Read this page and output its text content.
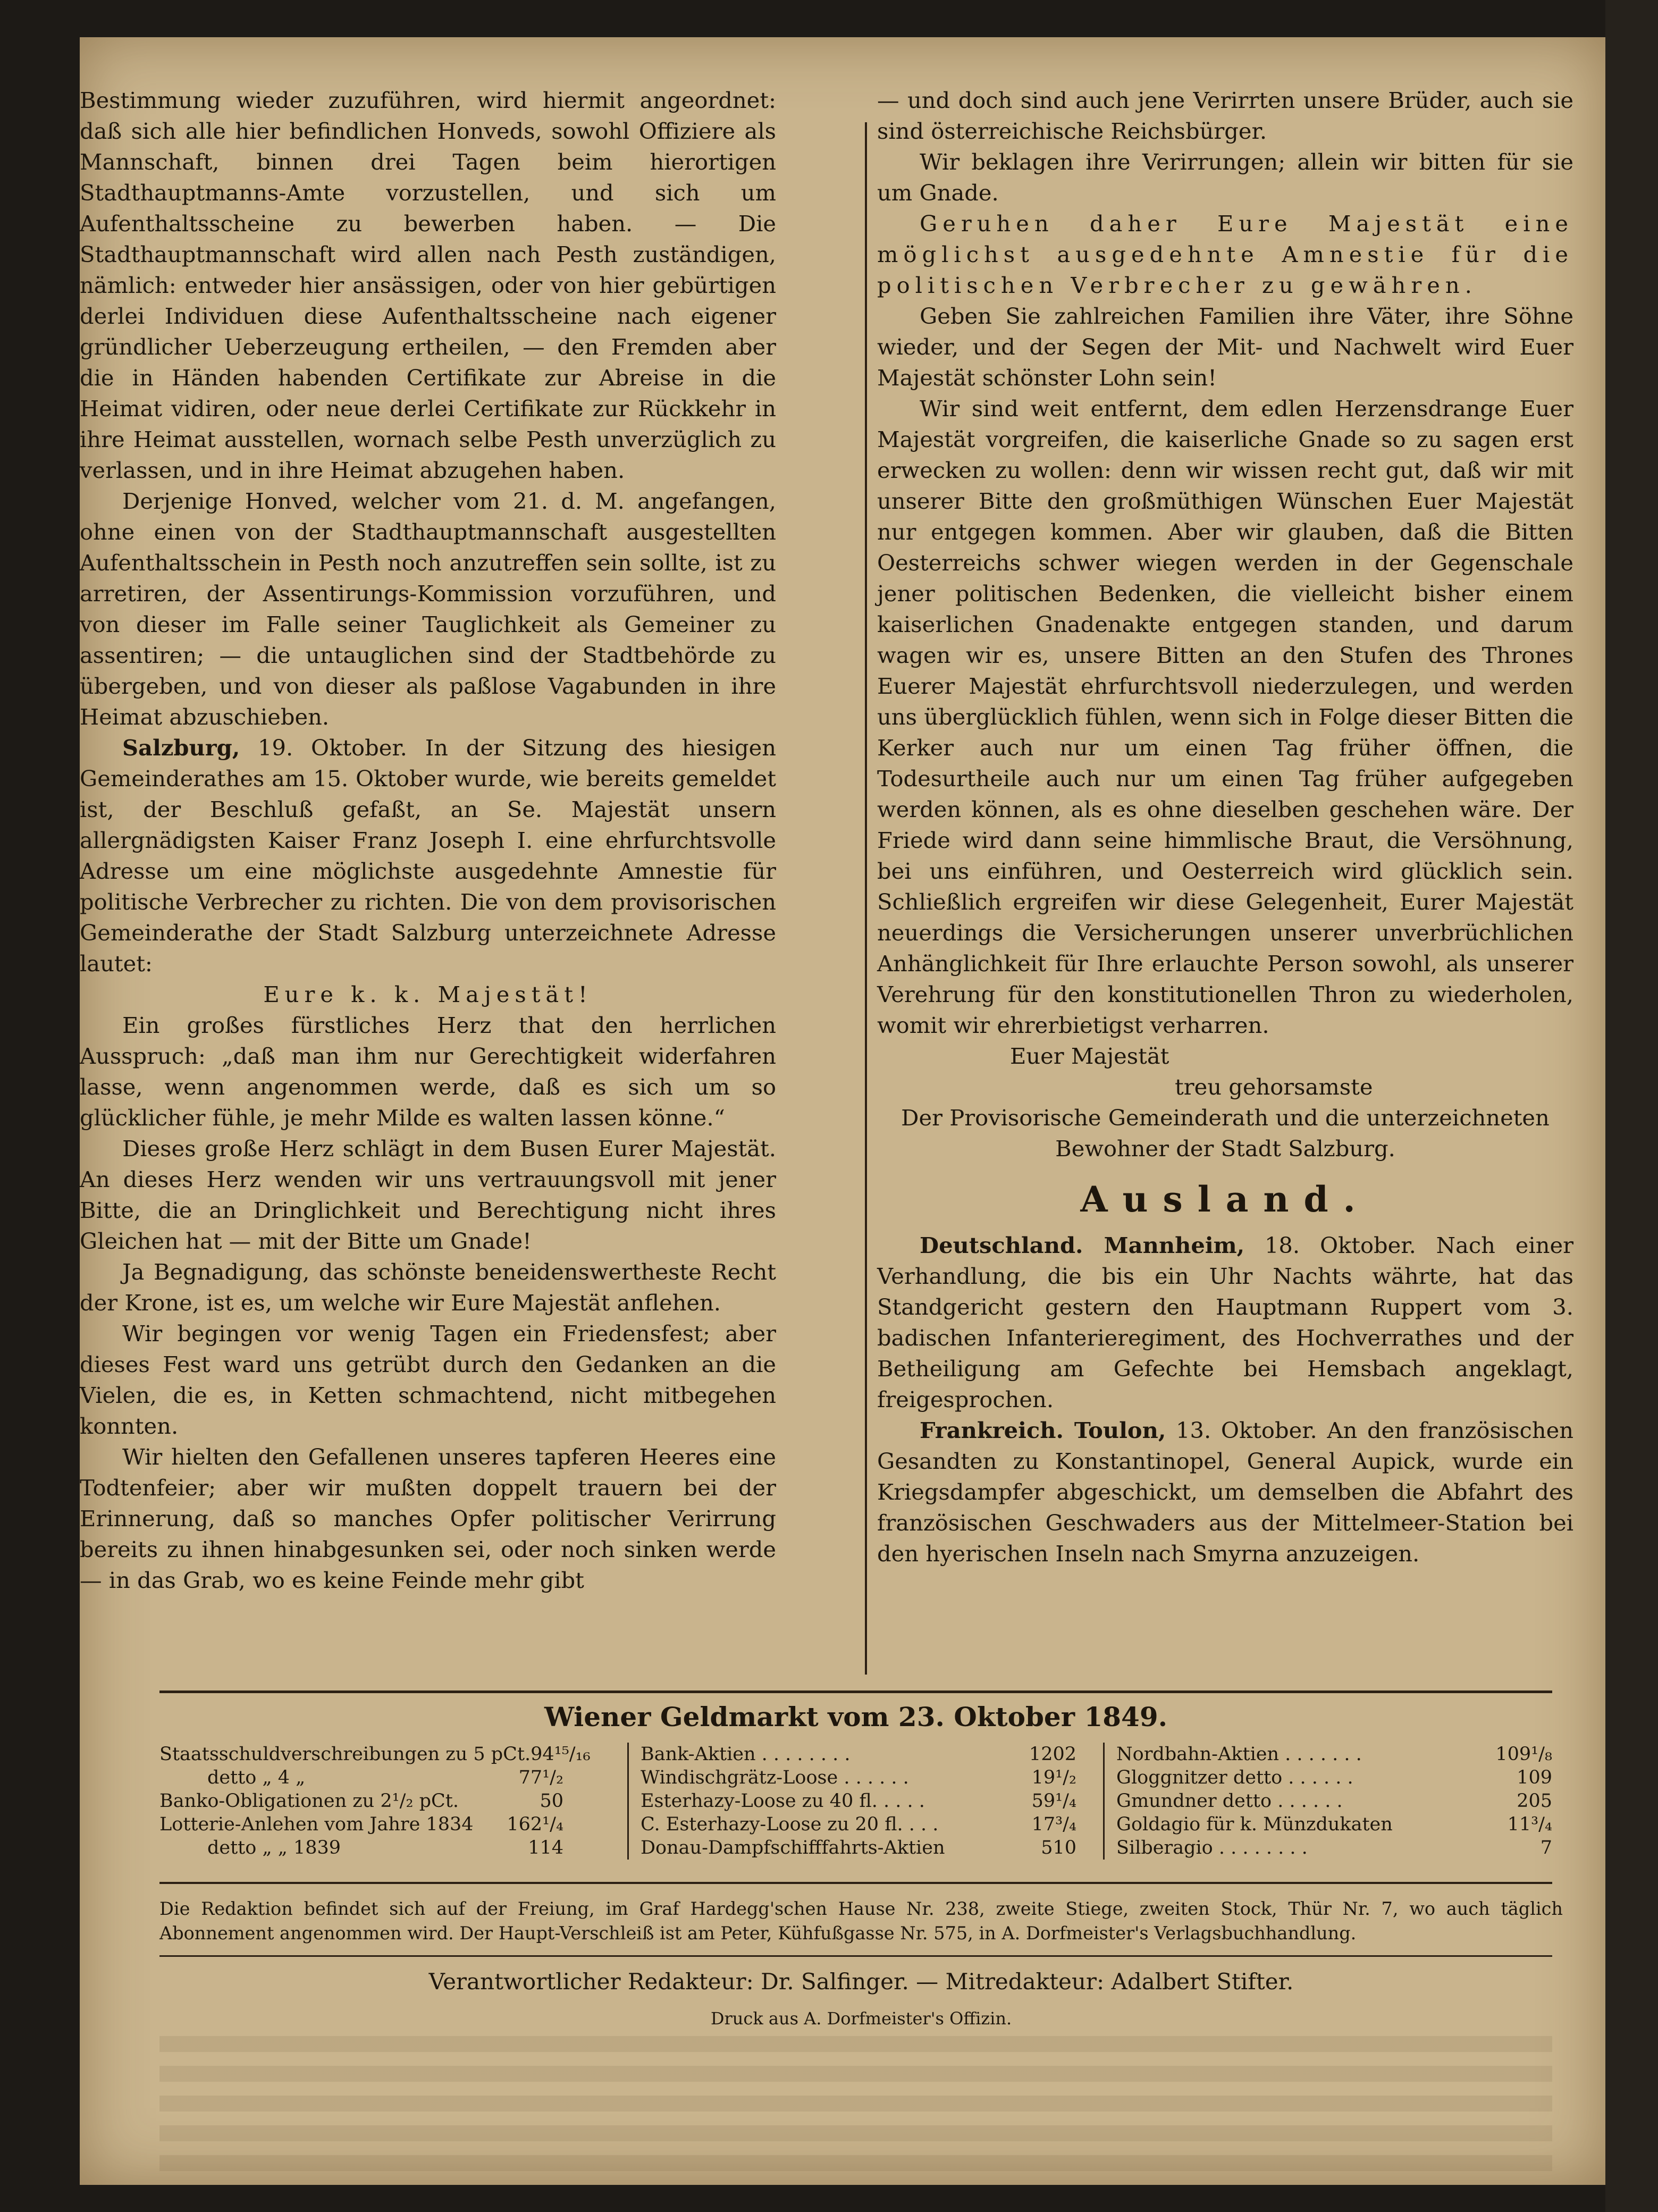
Bestimmung wieder zuzuführen, wird hiermit angeordnet: daß sich alle hier befindlichen Honveds, sowohl Offiziere als Mannschaft, binnen drei Tagen beim hierortigen Stadthauptmanns-Amte vorzustellen, und sich um Aufenthaltsscheine zu bewerben haben. — Die Stadthauptmannschaft wird allen nach Pesth zuständigen, nämlich: entweder hier ansässigen, oder von hier gebürtigen derlei Individuen diese Aufenthaltsscheine nach eigener gründlicher Ueberzeugung ertheilen, — den Fremden aber die in Händen habenden Certifikate zur Abreise in die Heimat vidiren, oder neue derlei Certifikate zur Rückkehr in ihre Heimat ausstellen, wornach selbe Pesth unverzüglich zu verlassen, und in ihre Heimat abzugehen haben.

Derjenige Honved, welcher vom 21. d. M. angefangen, ohne einen von der Stadthauptmannschaft ausgestellten Aufenthaltsschein in Pesth noch anzutreffen sein sollte, ist zu arretiren, der Assentirungs-Kommission vorzuführen, und von dieser im Falle seiner Tauglichkeit als Gemeiner zu assentiren; — die untauglichen sind der Stadtbehörde zu übergeben, und von dieser als paßlose Vagabunden in ihre Heimat abzuschieben.

Salzburg, 19. Oktober. In der Sitzung des hiesigen Gemeinderathes am 15. Oktober wurde, wie bereits gemeldet ist, der Beschluß gefaßt, an Se. Majestät unsern allergnädigsten Kaiser Franz Joseph I. eine ehrfurchtsvolle Adresse um eine möglichste ausgedehnte Amnestie für politische Verbrecher zu richten. Die von dem provisorischen Gemeinderathe der Stadt Salzburg unterzeichnete Adresse lautet:

Eure k. k. Majestät!

Ein großes fürstliches Herz that den herrlichen Ausspruch: „daß man ihm nur Gerechtigkeit widerfahren lasse, wenn angenommen werde, daß es sich um so glücklicher fühle, je mehr Milde es walten lassen könne.“

Dieses große Herz schlägt in dem Busen Eurer Majestät. An dieses Herz wenden wir uns vertrauungsvoll mit jener Bitte, die an Dringlichkeit und Berechtigung nicht ihres Gleichen hat — mit der Bitte um Gnade!

Ja Begnadigung, das schönste beneidenswertheste Recht der Krone, ist es, um welche wir Eure Majestät anflehen.

Wir begingen vor wenig Tagen ein Friedensfest; aber dieses Fest ward uns getrübt durch den Gedanken an die Vielen, die es, in Ketten schmachtend, nicht mitbegehen konnten.

Wir hielten den Gefallenen unseres tapferen Heeres eine Todtenfeier; aber wir mußten doppelt trauern bei der Erinnerung, daß so manches Opfer politischer Verirrung bereits zu ihnen hinabgesunken sei, oder noch sinken werde — in das Grab, wo es keine Feinde mehr gibt

— und doch sind auch jene Verirrten unsere Brüder, auch sie sind österreichische Reichsbürger.

Wir beklagen ihre Verirrungen; allein wir bitten für sie um Gnade.

Geruhen daher Eure Majestät eine möglichst ausgedehnte Amnestie für die politischen Verbrecher zu gewähren.

Geben Sie zahlreichen Familien ihre Väter, ihre Söhne wieder, und der Segen der Mit- und Nachwelt wird Euer Majestät schönster Lohn sein!

Wir sind weit entfernt, dem edlen Herzensdrange Euer Majestät vorgreifen, die kaiserliche Gnade so zu sagen erst erwecken zu wollen: denn wir wissen recht gut, daß wir mit unserer Bitte den großmüthigen Wünschen Euer Majestät nur entgegen kommen. Aber wir glauben, daß die Bitten Oesterreichs schwer wiegen werden in der Gegenschale jener politischen Bedenken, die vielleicht bisher einem kaiserlichen Gnadenakte entgegen standen, und darum wagen wir es, unsere Bitten an den Stufen des Thrones Euerer Majestät ehrfurchtsvoll niederzulegen, und werden uns überglücklich fühlen, wenn sich in Folge dieser Bitten die Kerker auch nur um einen Tag früher öffnen, die Todesurtheile auch nur um einen Tag früher aufgegeben werden können, als es ohne dieselben geschehen wäre. Der Friede wird dann seine himmlische Braut, die Versöhnung, bei uns einführen, und Oesterreich wird glücklich sein. Schließlich ergreifen wir diese Gelegenheit, Eurer Majestät neuerdings die Versicherungen unserer unverbrüchlichen Anhänglichkeit für Ihre erlauchte Person sowohl, als unserer Verehrung für den konstitutionellen Thron zu wiederholen, womit wir ehrerbietigst verharren.

Euer Majestät

treu gehorsamste

Der Provisorische Gemeinderath und die unterzeichneten

Bewohner der Stadt Salzburg.

Ausland.

Deutschland. Mannheim, 18. Oktober. Nach einer Verhandlung, die bis ein Uhr Nachts währte, hat das Standgericht gestern den Hauptmann Ruppert vom 3. badischen Infanterieregiment, des Hochverrathes und der Betheiligung am Gefechte bei Hemsbach angeklagt, freigesprochen.

Frankreich. Toulon, 13. Oktober. An den französischen Gesandten zu Konstantinopel, General Aupick, wurde ein Kriegsdampfer abgeschickt, um demselben die Abfahrt des französischen Geschwaders aus der Mittelmeer-Station bei den hyerischen Inseln nach Smyrna anzuzeigen.

Wiener Geldmarkt vom 23. Oktober 1849.
Staatsschuldverschreibungen zu 5 pCt. 94¹⁵/₁₆
detto „ 4 „	77¹/₂
Banko-Obligationen zu 2¹/₂ pCt.	50
Lotterie-Anlehen vom Jahre 1834	162¹/₄
detto „ „ 1839	114
Bank-Aktien . . . . . . . .	1202
Windischgrätz-Loose . . . . . .	19¹/₂
Esterhazy-Loose zu 40 fl. . . . .	59¹/₄
C. Esterhazy-Loose zu 20 fl. . . .	17³/₄
Donau-Dampfschifffahrts-Aktien	510
Nordbahn-Aktien . . . . . . .	109¹/₈
Gloggnitzer detto . . . . . .	109
Gmundner detto . . . . . .	205
Goldagio für k. Münzdukaten	11³/₄
Silberagio . . . . . . . .	7
Die Redaktion befindet sich auf der Freiung, im Graf Hardegg'schen Hause Nr. 238, zweite Stiege, zweiten Stock, Thür Nr. 7, wo auch täglich Abonnement angenommen wird. Der Haupt-Verschleiß ist am Peter, Kühfußgasse Nr. 575, in A. Dorfmeister's Verlagsbuchhandlung.
Verantwortlicher Redakteur: Dr. Salfinger. — Mitredakteur: Adalbert Stifter.
Druck aus A. Dorfmeister's Offizin.
